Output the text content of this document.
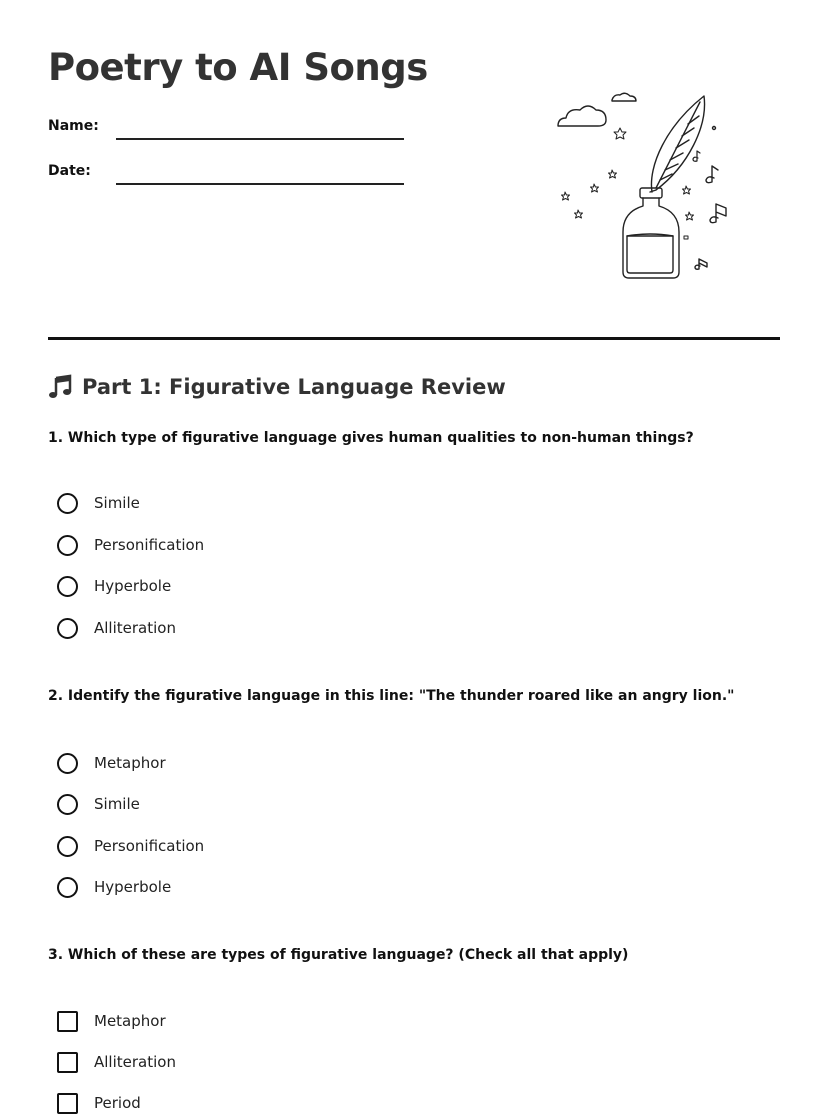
Poetry to AI Songs
Name:
Date:
Part 1: Figurative Language Review

1. Which type of figurative language gives human qualities to non-human things?

Simile
Personification
Hyperbole
Alliteration

2. Identify the figurative language in this line: "The thunder roared like an angry lion."

Metaphor
Simile
Personification
Hyperbole

3. Which of these are types of figurative language? (Check all that apply)

Metaphor
Alliteration
Period
